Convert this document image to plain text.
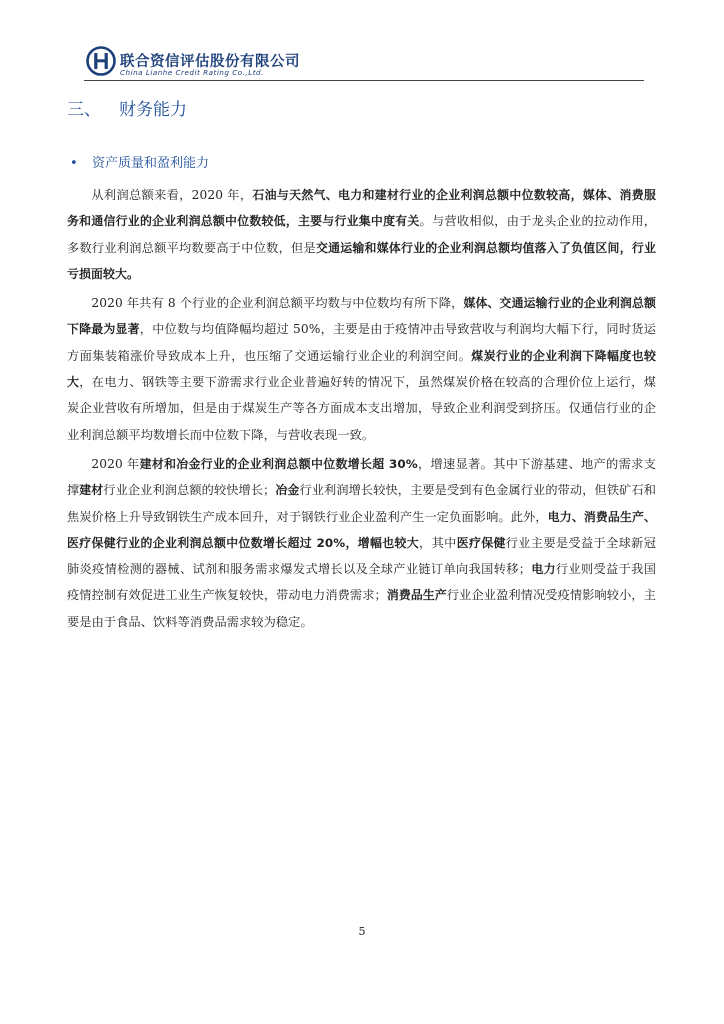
联合资信评估股份有限公司
China Lianhe Credit Rating Co.,Ltd.
三、 财务能力
• 资产质量和盈利能力

从利润总额来看，2020 年，石油与天然气、电力和建材行业的企业利润总额中位数较高，媒体、消费服务和通信行业的企业利润总额中位数较低，主要与行业集中度有关。与营收相似，由于龙头企业的拉动作用，多数行业利润总额平均数要高于中位数，但是交通运输和媒体行业的企业利润总额均值落入了负值区间，行业亏损面较大。

2020 年共有 8 个行业的企业利润总额平均数与中位数均有所下降，媒体、交通运输行业的企业利润总额下降最为显著，中位数与均值降幅均超过 50%，主要是由于疫情冲击导致营收与利润均大幅下行，同时货运方面集装箱涨价导致成本上升，也压缩了交通运输行业企业的利润空间。煤炭行业的企业利润下降幅度也较大，在电力、钢铁等主要下游需求行业企业普遍好转的情况下，虽然煤炭价格在较高的合理价位上运行，煤炭企业营收有所增加，但是由于煤炭生产等各方面成本支出增加，导致企业利润受到挤压。仅通信行业的企业利润总额平均数增长而中位数下降，与营收表现一致。

2020 年建材和冶金行业的企业利润总额中位数增长超 30%，增速显著。其中下游基建、地产的需求支撑建材行业企业利润总额的较快增长；冶金行业利润增长较快，主要是受到有色金属行业的带动，但铁矿石和焦炭价格上升导致钢铁生产成本回升，对于钢铁行业企业盈利产生一定负面影响。此外，电力、消费品生产、医疗保健行业的企业利润总额中位数增长超过 20%，增幅也较大，其中医疗保健行业主要是受益于全球新冠肺炎疫情检测的器械、试剂和服务需求爆发式增长以及全球产业链订单向我国转移；电力行业则受益于我国疫情控制有效促进工业生产恢复较快，带动电力消费需求；消费品生产行业企业盈利情况受疫情影响较小，主要是由于食品、饮料等消费品需求较为稳定。

5
